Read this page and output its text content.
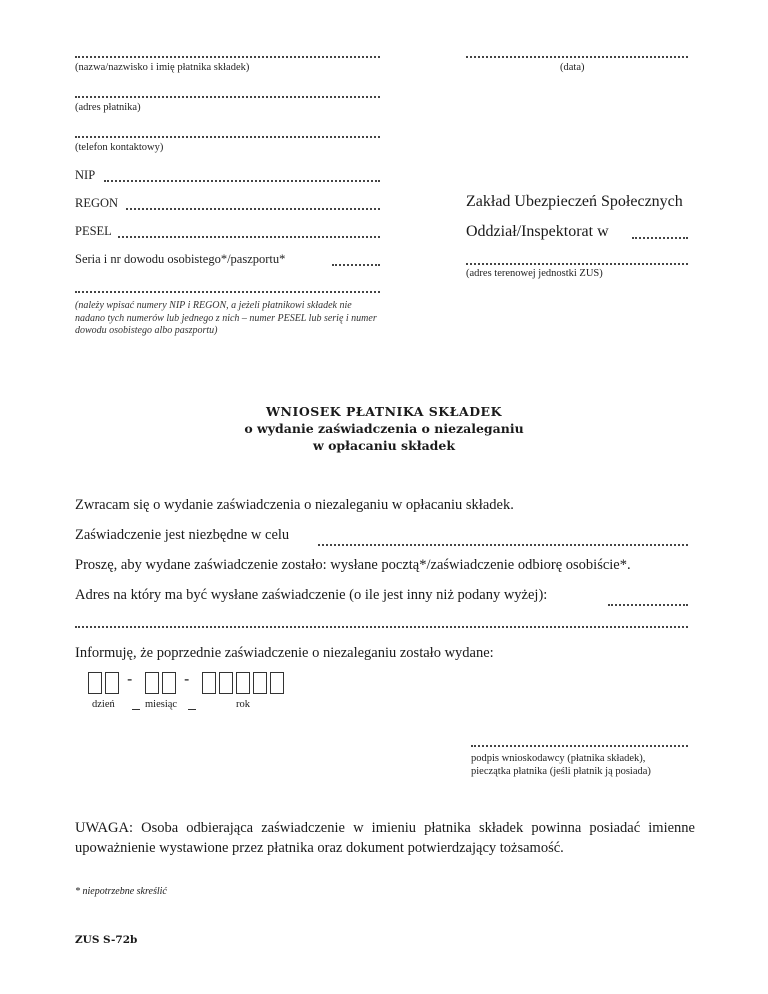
(nazwa/nazwisko i imię płatnika składek)	(data)
(adres płatnika)
(telefon kontaktowy)
NIP
REGON
PESEL
Seria i nr dowodu osobistego*/paszportu*
(należy wpisać numery NIP i REGON, a jeżeli płatnikowi składek nie nadano tych numerów lub jednego z nich – numer PESEL lub serię i numer dowodu osobistego albo paszportu)
Zakład Ubezpieczeń Społecznych
Oddział/Inspektorat w
(adres terenowej jednostki ZUS)
WNIOSEK PŁATNIKA SKŁADEK
o wydanie zaświadczenia o niezaleganiu
w opłacaniu składek
Zwracam się o wydanie zaświadczenia o niezaleganiu w opłacaniu składek.
Zaświadczenie jest niezbędne w celu
Proszę, aby wydane zaświadczenie zostało: wysłane pocztą*/zaświadczenie odbiorę osobiście*.
Adres na który ma być wysłane zaświadczenie (o ile jest inny niż podany wyżej):
Informuję, że poprzednie zaświadczenie o niezaleganiu zostało wydane:
-	-
dzień	miesiąc	rok
podpis wnioskodawcy (płatnika składek),
pieczątka płatnika (jeśli płatnik ją posiada)
UWAGA: Osoba odbierająca zaświadczenie w imieniu płatnika składek powinna posiadać imienne upoważnienie wystawione przez płatnika oraz dokument potwierdzający tożsamość.
* niepotrzebne skreślić
ZUS S-72b
